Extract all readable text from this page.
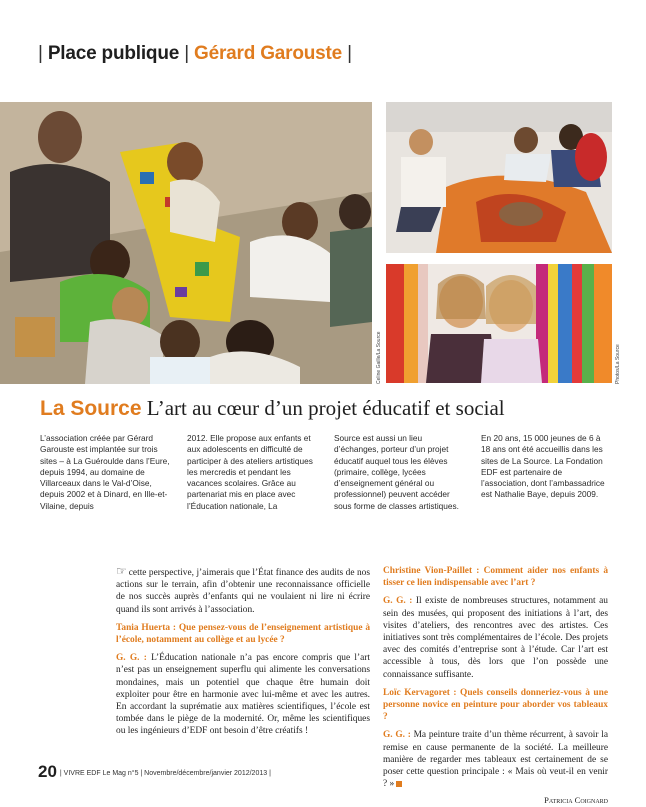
| Place publique | Gérard Garouste |
Celine Gaille/La Source	Photos/La Source
La Source L’art au cœur d’un projet éducatif et social
L’association créée par Gérard Garouste est implantée sur trois sites – à La Guéroulde dans l’Eure, depuis 1994, au domaine de Villarceaux dans le Val-d’Oise, depuis 2002 et à Dinard, en Ille-et-Vilaine, depuis
2012. Elle propose aux enfants et aux adolescents en difficulté de participer à des ateliers artistiques les mercredis et pendant les vacances scolaires. Grâce au partenariat mis en place avec l’Éducation nationale, La
Source est aussi un lieu d’échanges, porteur d’un projet éducatif auquel tous les élèves (primaire, collège, lycées d’enseignement général ou professionnel) peuvent accéder sous forme de classes artistiques.
En 20 ans, 15 000 jeunes de 6 à 18 ans ont été accueillis dans les sites de La Source. La Fondation EDF est partenaire de l’association, dont l’ambassadrice est Nathalie Baye, depuis 2009.

☞ cette perspective, j’aimerais que l’État finance des audits de nos actions sur le terrain, afin d’obtenir une reconnaissance officielle de nos succès auprès d’enfants qui ne voulaient ni lire ni écrire quand ils sont arrivés à l’association.

Tania Huerta : Que pensez-vous de l’enseignement artistique à l’école, notamment au collège et au lycée ?

G. G. : L’Éducation nationale n’a pas encore compris que l’art n’est pas un enseignement superflu qui alimente les conversations mondaines, mais un potentiel que chaque être humain doit exploiter pour être en harmonie avec lui-même et avec les autres. En accordant la suprématie aux matières scientifiques, l’école est tombée dans le piège de la modernité. Or, même les scientifiques ou les ingénieurs d’EDF ont besoin d’être créatifs !

Christine Vion-Paillet : Comment aider nos enfants à tisser ce lien indispensable avec l’art ?

G. G. : Il existe de nombreuses structures, notamment au sein des musées, qui proposent des initiations à l’art, des visites d’ateliers, des rencontres avec des artistes. Ces initiatives sont très complémentaires de l’école. Des projets avec des comités d’entreprise sont à l’étude. Car l’art est accessible à tous, dès lors que l’on possède une connaissance suffisante.

Loïc Kervagoret : Quels conseils donneriez-vous à une personne novice en peinture pour aborder vos tableaux ?

G. G. : Ma peinture traite d’un thème récurrent, à savoir la remise en cause permanente de la société. La meilleure manière de regarder mes tableaux est certainement de se poser cette question principale : « Mais où veut-il en venir ? »

Patricia Coignard
20 | VIVRE EDF Le Mag n°5 | Novembre/décembre/janvier 2012/2013 |
